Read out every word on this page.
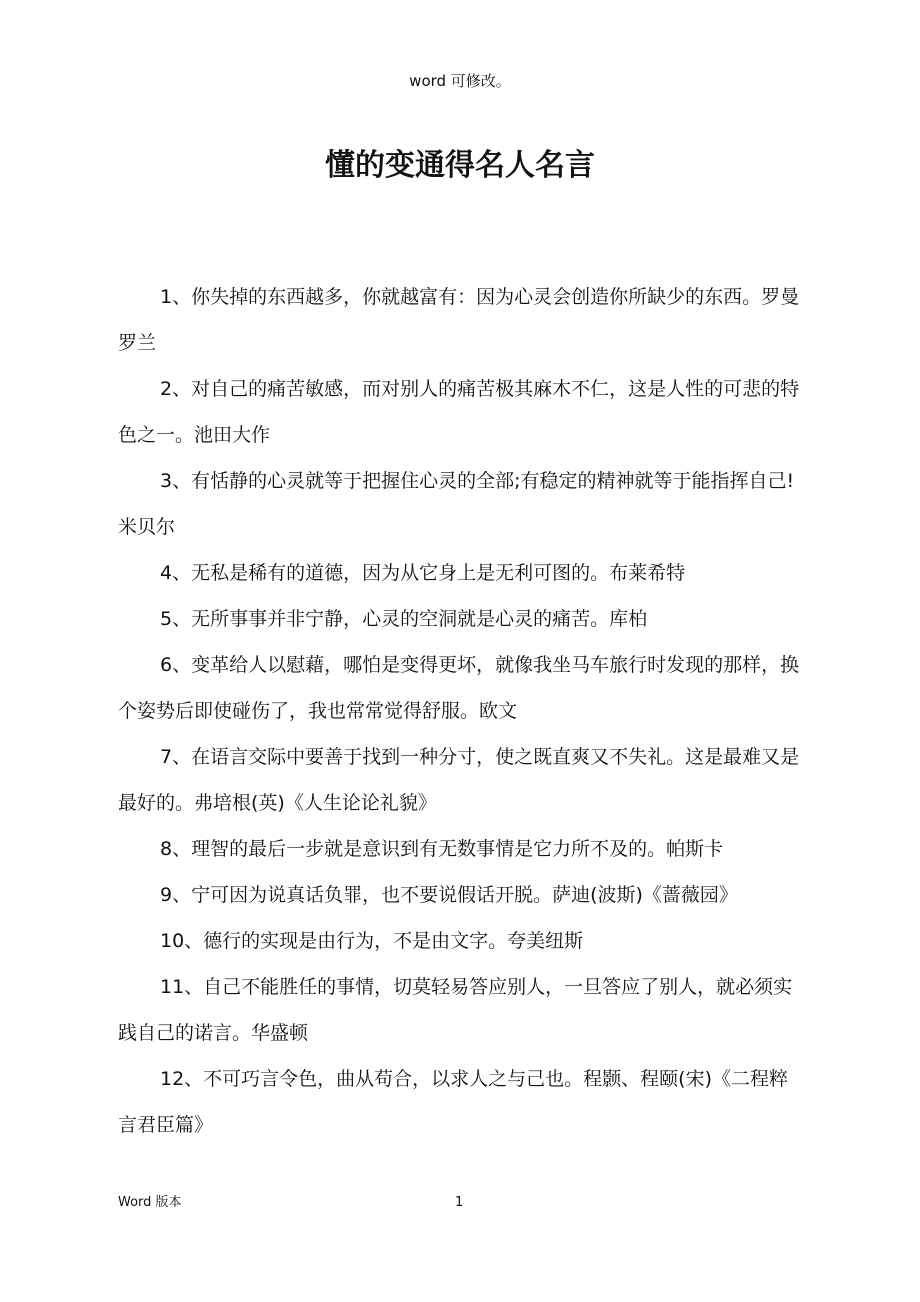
word 可修改。
懂的变通得名人名言
1、你失掉的东西越多，你就越富有：因为心灵会创造你所缺少的东西。罗曼罗兰
2、对自己的痛苦敏感，而对别人的痛苦极其麻木不仁，这是人性的可悲的特色之一。池田大作
3、有恬静的心灵就等于把握住心灵的全部;有稳定的精神就等于能指挥自己!米贝尔
4、无私是稀有的道德，因为从它身上是无利可图的。布莱希特
5、无所事事并非宁静，心灵的空洞就是心灵的痛苦。库柏
6、变革给人以慰藉，哪怕是变得更坏，就像我坐马车旅行时发现的那样，换个姿势后即使碰伤了，我也常常觉得舒服。欧文
7、在语言交际中要善于找到一种分寸，使之既直爽又不失礼。这是最难又是最好的。弗培根(英)《人生论论礼貌》
8、理智的最后一步就是意识到有无数事情是它力所不及的。帕斯卡
9、宁可因为说真话负罪，也不要说假话开脱。萨迪(波斯)《蔷薇园》
10、德行的实现是由行为，不是由文字。夸美纽斯
11、自己不能胜任的事情，切莫轻易答应别人，一旦答应了别人，就必须实践自己的诺言。华盛顿
12、不可巧言令色，曲从苟合，以求人之与己也。程颢、程颐(宋)《二程粹言君臣篇》
Word 版本	1
